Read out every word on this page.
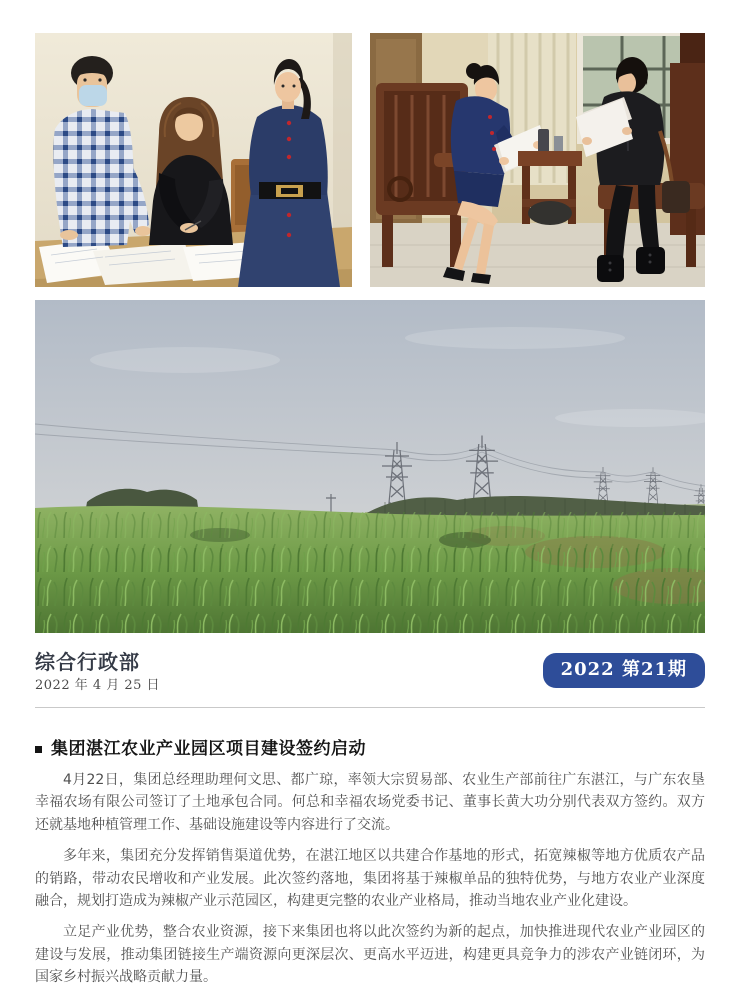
综合行政部
2022 年 4 月 25 日
2022 第21期
集团湛江农业产业园区项目建设签约启动

4月22日，集团总经理助理何文思、都广琼，率领大宗贸易部、农业生产部前往广东湛江，与广东农垦幸福农场有限公司签订了土地承包合同。何总和幸福农场党委书记、董事长黄大功分别代表双方签约。双方还就基地种植管理工作、基础设施建设等内容进行了交流。

多年来，集团充分发挥销售渠道优势，在湛江地区以共建合作基地的形式，拓宽辣椒等地方优质农产品的销路，带动农民增收和产业发展。此次签约落地，集团将基于辣椒单品的独特优势，与地方农业产业深度融合，规划打造成为辣椒产业示范园区，构建更完整的农业产业格局，推动当地农业产业化建设。

立足产业优势，整合农业资源，接下来集团也将以此次签约为新的起点，加快推进现代农业产业园区的建设与发展，推动集团链接生产端资源向更深层次、更高水平迈进，构建更具竞争力的涉农产业链闭环，为国家乡村振兴战略贡献力量。
